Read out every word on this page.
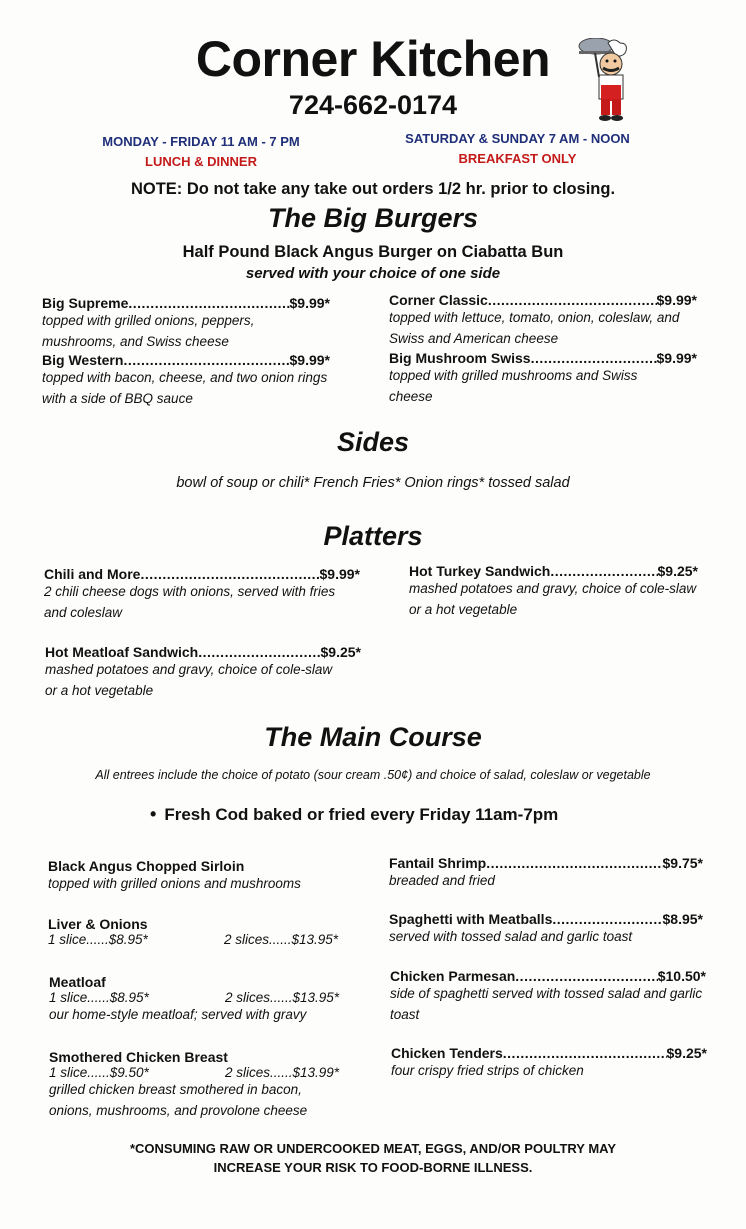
Corner Kitchen
724-662-0174
MONDAY - FRIDAY 11 AM - 7 PM
LUNCH & DINNER
SATURDAY & SUNDAY 7 AM - NOON
BREAKFAST ONLY
NOTE: Do not take any take out orders 1/2 hr. prior to closing.
The Big Burgers
Half Pound Black Angus Burger on Ciabatta Bun
served with your choice of one side
Big Supreme .....	$9.99*
topped with grilled onions, peppers, mushrooms, and Swiss cheese
Big Western .....	$9.99*
topped with bacon, cheese, and two onion rings with a side of BBQ sauce
Corner Classic .....	$9.99*
topped with lettuce, tomato, onion, coleslaw, and Swiss and American cheese
Big Mushroom Swiss .....	$9.99*
topped with grilled mushrooms and Swiss cheese
Sides
bowl of soup or chili* French Fries* Onion rings* tossed salad
Platters
Chili and More .....	$9.99*
2 chili cheese dogs with onions, served with fries and coleslaw
Hot Turkey Sandwich .....	$9.25*
mashed potatoes and gravy, choice of cole-slaw or a hot vegetable
Hot Meatloaf Sandwich .....	$9.25*
mashed potatoes and gravy, choice of cole-slaw or a hot vegetable
The Main Course
All entrees include the choice of potato (sour cream .50¢) and choice of salad, coleslaw or vegetable
• Fresh Cod baked or fried every Friday 11am-7pm
Black Angus Chopped Sirloin
topped with grilled onions and mushrooms
Liver & Onions
1 slice......$8.95*	2 slices......$13.95*
Meatloaf
1 slice......$8.95*	2 slices......$13.95*
our home-style meatloaf; served with gravy
Smothered Chicken Breast
1 slice......$9.50*	2 slices......$13.99*
grilled chicken breast smothered in bacon, onions, mushrooms, and provolone cheese
Fantail Shrimp .....	$9.75*
breaded and fried
Spaghetti with Meatballs .....	$8.95*
served with tossed salad and garlic toast
Chicken Parmesan .....	$10.50*
side of spaghetti served with tossed salad and garlic toast
Chicken Tenders .....	$9.25*
four crispy fried strips of chicken
*CONSUMING RAW OR UNDERCOOKED MEAT, EGGS, AND/OR POULTRY MAY
INCREASE YOUR RISK TO FOOD-BORNE ILLNESS.
